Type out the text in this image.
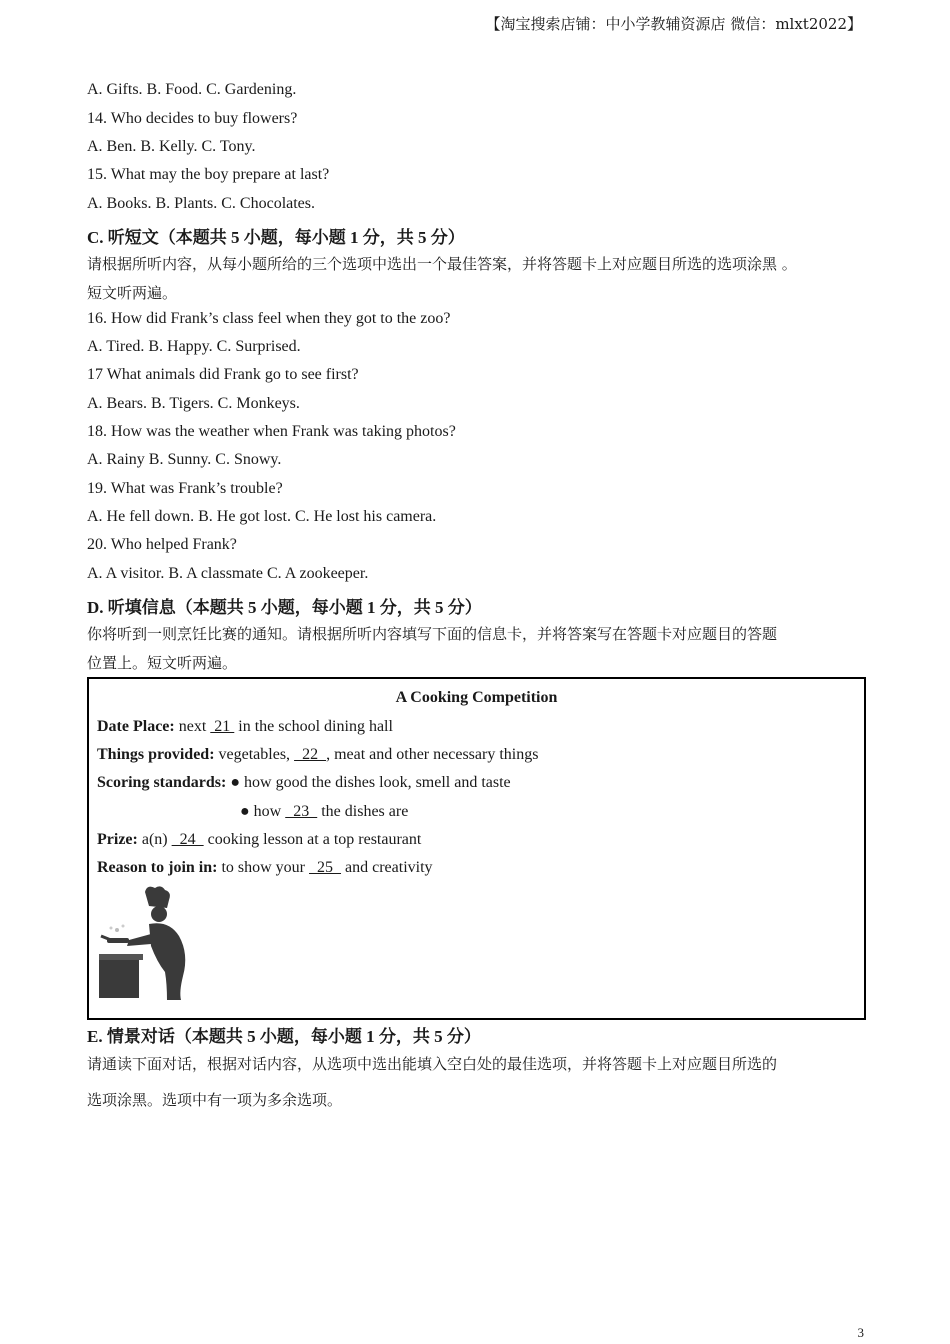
【淘宝搜索店铺：中小学教辅资源店 微信：mlxt2022】
A. Gifts. B. Food. C. Gardening.
14. Who decides to buy flowers?
A. Ben. B. Kelly. C. Tony.
15. What may the boy prepare at last?
A. Books. B. Plants. C. Chocolates.
C. 听短文（本题共 5 小题，每小题 1 分，共 5 分）
请根据所听内容，从每小题所给的三个选项中选出一个最佳答案，并将答题卡上对应题目所选的选项涂黑 。
短文听两遍。
16. How did Frank’s class feel when they got to the zoo?
A. Tired. B. Happy. C. Surprised.
17 What animals did Frank go to see first?
A. Bears. B. Tigers. C. Monkeys.
18. How was the weather when Frank was taking photos?
A. Rainy B. Sunny. C. Snowy.
19. What was Frank’s trouble?
A. He fell down. B. He got lost. C. He lost his camera.
20. Who helped Frank?
A. A visitor. B. A classmate C. A zookeeper.
D. 听填信息（本题共 5 小题，每小题 1 分，共 5 分）
你将听到一则烹饪比赛的通知。请根据所听内容填写下面的信息卡，并将答案写在答题卡对应题目的答题
位置上。短文听两遍。
A Cooking Competition
Date Place: next  21  in the school dining hall
Things provided: vegetables,   22  , meat and other necessary things
Scoring standards: ● how good the dishes look, smell and taste
● how   23   the dishes are
Prize: a(n)   24   cooking lesson at a top restaurant
Reason to join in: to show your   25   and creativity
E. 情景对话（本题共 5 小题，每小题 1 分，共 5 分）
请通读下面对话，根据对话内容，从选项中选出能填入空白处的最佳选项，并将答题卡上对应题目所选的
选项涂黑。选项中有一项为多余选项。
3
